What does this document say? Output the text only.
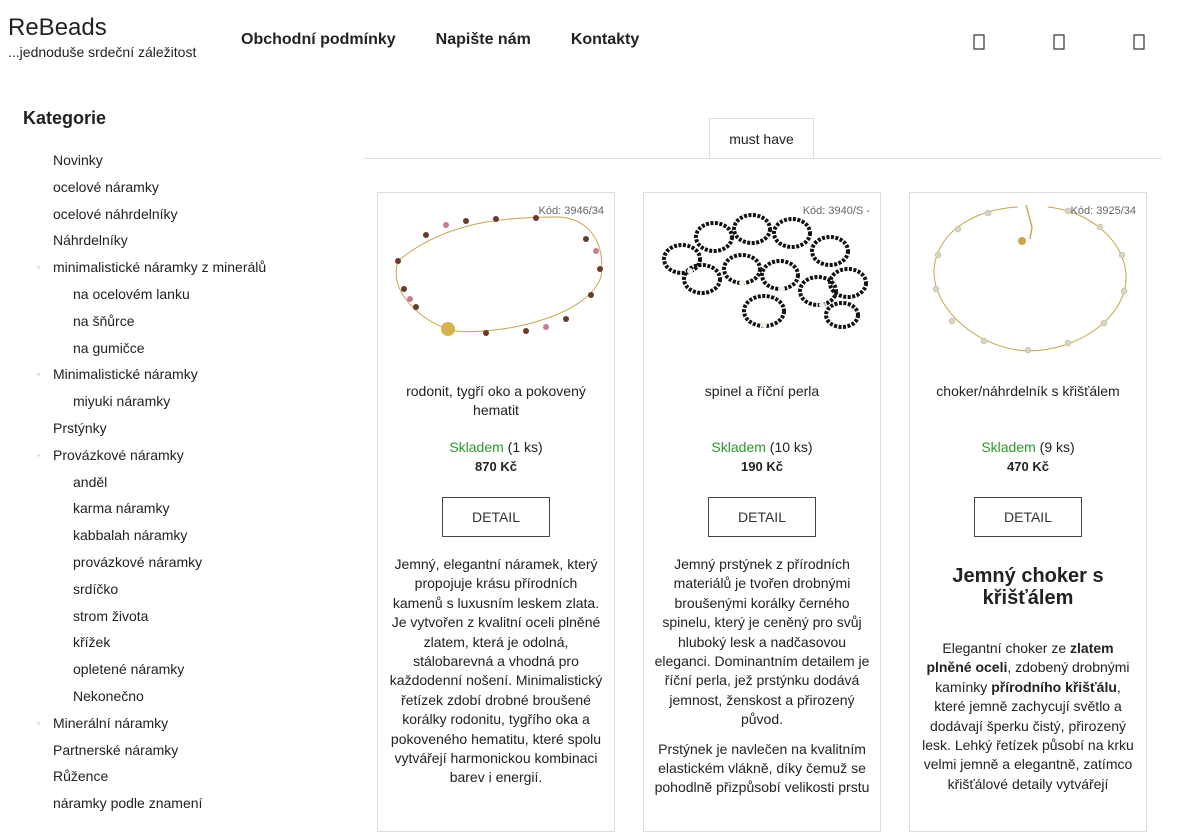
ReBeads
...jednoduše srdeční záležitost
Obchodní podmínky	Napište nám	Kontakty
Kategorie
Novinky
ocelové náramky
ocelové náhrdelníky
Náhrdelníky
◦ minimalistické náramky z minerálů
na ocelovém lanku
na šňůrce
na gumičce
◦ Minimalistické náramky
miyuki náramky
Prstýnky
◦ Provázkové náramky
anděl
karma náramky
kabbalah náramky
provázkové náramky
srdíčko
strom života
křížek
opletené náramky
Nekonečno
◦ Minerální náramky
Partnerské náramky
Růžence
náramky podle znamení
must have
Kód: 3946/34
rodonit, tygří oko a pokovený hematit
Skladem (1 ks)
870 Kč
DETAIL

Jemný, elegantní náramek, který propojuje krásu přírodních kamenů s luxusním leskem zlata. Je vytvořen z kvalitní oceli plněné zlatem, která je odolná, stálobarevná a vhodná pro každodenní nošení. Minimalistický řetízek zdobí drobné broušené korálky rodonitu, tygřího oka a pokoveného hematitu, které spolu vytvářejí harmonickou kombinaci barev i energií.

Kód: 3940/S -
spinel a říční perla
Skladem (10 ks)
190 Kč
DETAIL

Jemný prstýnek z přírodních materiálů je tvořen drobnými broušenými korálky černého spinelu, který je ceněný pro svůj hluboký lesk a nadčasovou eleganci. Dominantním detailem je říční perla, jež prstýnku dodává jemnost, ženskost a přirozený původ.

Prstýnek je navlečen na kvalitním elastickém vlákně, díky čemuž se pohodlně přizpůsobí velikosti prstu

Kód: 3925/34
choker/náhrdelník s křišťálem
Skladem (9 ks)
470 Kč
DETAIL
Jemný choker s křišťálem

Elegantní choker ze zlatem plněné oceli, zdobený drobnými kamínky přírodního křišťálu, které jemně zachycují světlo a dodávají šperku čistý, přirozený lesk. Lehký řetízek působí na krku velmi jemně a elegantně, zatímco křišťálové detaily vytvářejí
